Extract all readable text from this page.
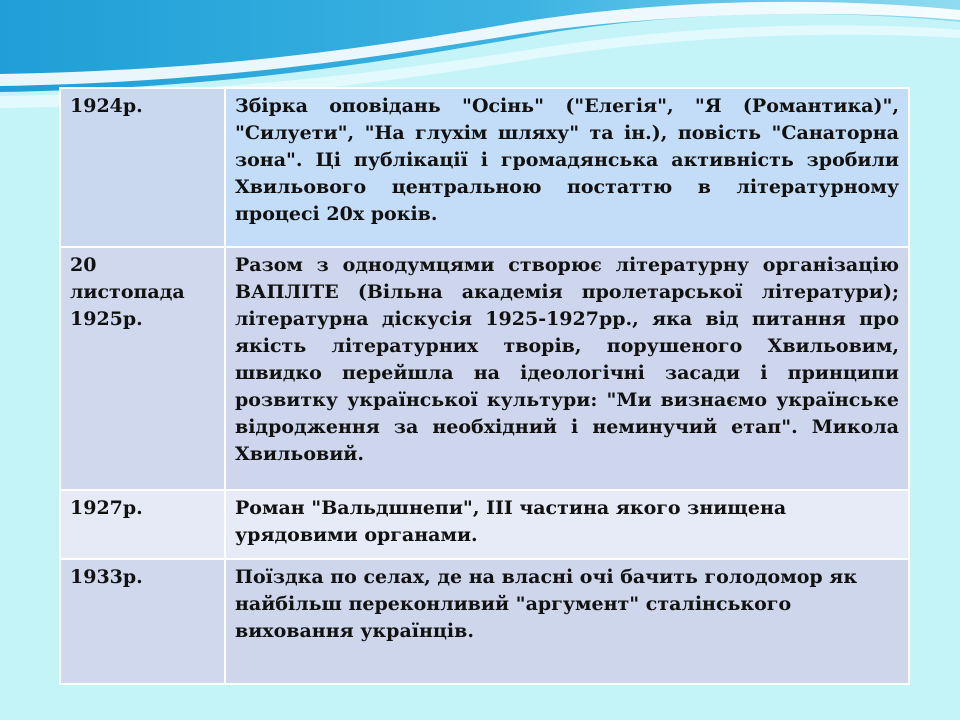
1924р.	Збірка оповідань "Осінь" ("Елегія", "Я (Романтика)", "Силуети", "На глухім шляху" та ін.), повість "Санаторна зона". Ці публікації і громадянська активність зробили Хвильового центральною постаттю в літературному процесі 20х років.
20 листопада 1925р.	Разом з однодумцями створює літературну організацію ВАПЛІТЕ (Вільна академія пролетарської літератури); літературна діскусія 1925-1927рр., яка від питання про якість літературних творів, порушеного Хвильовим, швидко перейшла на ідеологічні засади і принципи розвитку української культури: "Ми визнаємо українське відродження за необхідний і неминучий етап". Микола Хвильовий.
1927р.	Роман "Вальдшнепи", ІІІ частина якого знищена урядовими органами.
1933р.	Поїздка по селах, де на власні очі бачить голодомор як найбільш переконливий "аргумент" сталінського виховання українців.
